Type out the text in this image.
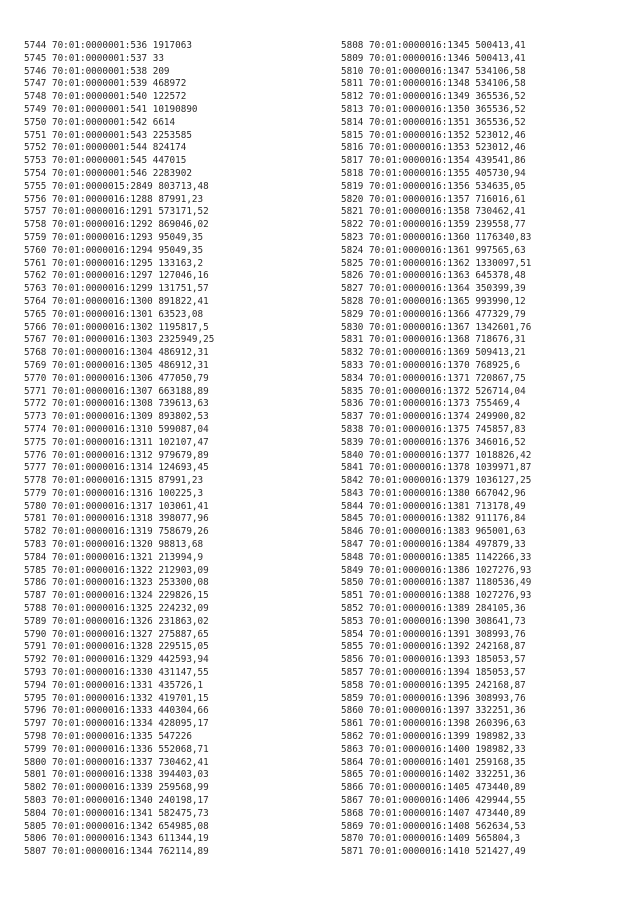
5744 70:01:0000001:536 1917063
5745 70:01:0000001:537 33
5746 70:01:0000001:538 209
5747 70:01:0000001:539 468972
5748 70:01:0000001:540 122572
5749 70:01:0000001:541 10190890
5750 70:01:0000001:542 6614
5751 70:01:0000001:543 2253585
5752 70:01:0000001:544 824174
5753 70:01:0000001:545 447015
5754 70:01:0000001:546 2283902
5755 70:01:0000015:2849 803713,48
5756 70:01:0000016:1288 87991,23
5757 70:01:0000016:1291 573171,52
5758 70:01:0000016:1292 869046,02
5759 70:01:0000016:1293 95049,35
5760 70:01:0000016:1294 95049,35
5761 70:01:0000016:1295 133163,2
5762 70:01:0000016:1297 127046,16
5763 70:01:0000016:1299 131751,57
5764 70:01:0000016:1300 891822,41
5765 70:01:0000016:1301 63523,08
5766 70:01:0000016:1302 1195817,5
5767 70:01:0000016:1303 2325949,25
5768 70:01:0000016:1304 486912,31
5769 70:01:0000016:1305 486912,31
5770 70:01:0000016:1306 477050,79
5771 70:01:0000016:1307 663188,89
5772 70:01:0000016:1308 739613,63
5773 70:01:0000016:1309 893802,53
5774 70:01:0000016:1310 599087,04
5775 70:01:0000016:1311 102107,47
5776 70:01:0000016:1312 979679,89
5777 70:01:0000016:1314 124693,45
5778 70:01:0000016:1315 87991,23
5779 70:01:0000016:1316 100225,3
5780 70:01:0000016:1317 103061,41
5781 70:01:0000016:1318 398077,96
5782 70:01:0000016:1319 758679,26
5783 70:01:0000016:1320 98813,68
5784 70:01:0000016:1321 213994,9
5785 70:01:0000016:1322 212903,09
5786 70:01:0000016:1323 253300,08
5787 70:01:0000016:1324 229826,15
5788 70:01:0000016:1325 224232,09
5789 70:01:0000016:1326 231863,02
5790 70:01:0000016:1327 275887,65
5791 70:01:0000016:1328 229515,05
5792 70:01:0000016:1329 442593,94
5793 70:01:0000016:1330 431147,55
5794 70:01:0000016:1331 435726,1
5795 70:01:0000016:1332 419701,15
5796 70:01:0000016:1333 440304,66
5797 70:01:0000016:1334 428095,17
5798 70:01:0000016:1335 547226
5799 70:01:0000016:1336 552068,71
5800 70:01:0000016:1337 730462,41
5801 70:01:0000016:1338 394403,03
5802 70:01:0000016:1339 259568,99
5803 70:01:0000016:1340 240198,17
5804 70:01:0000016:1341 582475,73
5805 70:01:0000016:1342 654985,08
5806 70:01:0000016:1343 611344,19
5807 70:01:0000016:1344 762114,89
5808 70:01:0000016:1345 500413,41
5809 70:01:0000016:1346 500413,41
5810 70:01:0000016:1347 534106,58
5811 70:01:0000016:1348 534106,58
5812 70:01:0000016:1349 365536,52
5813 70:01:0000016:1350 365536,52
5814 70:01:0000016:1351 365536,52
5815 70:01:0000016:1352 523012,46
5816 70:01:0000016:1353 523012,46
5817 70:01:0000016:1354 439541,86
5818 70:01:0000016:1355 405730,94
5819 70:01:0000016:1356 534635,05
5820 70:01:0000016:1357 716016,61
5821 70:01:0000016:1358 730462,41
5822 70:01:0000016:1359 239558,77
5823 70:01:0000016:1360 1176340,83
5824 70:01:0000016:1361 997565,63
5825 70:01:0000016:1362 1330097,51
5826 70:01:0000016:1363 645378,48
5827 70:01:0000016:1364 350399,39
5828 70:01:0000016:1365 993990,12
5829 70:01:0000016:1366 477329,79
5830 70:01:0000016:1367 1342601,76
5831 70:01:0000016:1368 718676,31
5832 70:01:0000016:1369 509413,21
5833 70:01:0000016:1370 768925,6
5834 70:01:0000016:1371 720867,75
5835 70:01:0000016:1372 526714,04
5836 70:01:0000016:1373 755469,4
5837 70:01:0000016:1374 249900,82
5838 70:01:0000016:1375 745857,83
5839 70:01:0000016:1376 346016,52
5840 70:01:0000016:1377 1018826,42
5841 70:01:0000016:1378 1039971,87
5842 70:01:0000016:1379 1036127,25
5843 70:01:0000016:1380 667042,96
5844 70:01:0000016:1381 713178,49
5845 70:01:0000016:1382 911176,84
5846 70:01:0000016:1383 965001,63
5847 70:01:0000016:1384 497879,33
5848 70:01:0000016:1385 1142266,33
5849 70:01:0000016:1386 1027276,93
5850 70:01:0000016:1387 1180536,49
5851 70:01:0000016:1388 1027276,93
5852 70:01:0000016:1389 284105,36
5853 70:01:0000016:1390 308641,73
5854 70:01:0000016:1391 308993,76
5855 70:01:0000016:1392 242168,87
5856 70:01:0000016:1393 185053,57
5857 70:01:0000016:1394 185053,57
5858 70:01:0000016:1395 242168,87
5859 70:01:0000016:1396 308993,76
5860 70:01:0000016:1397 332251,36
5861 70:01:0000016:1398 260396,63
5862 70:01:0000016:1399 198982,33
5863 70:01:0000016:1400 198982,33
5864 70:01:0000016:1401 259168,35
5865 70:01:0000016:1402 332251,36
5866 70:01:0000016:1405 473440,89
5867 70:01:0000016:1406 429944,55
5868 70:01:0000016:1407 473440,89
5869 70:01:0000016:1408 562634,53
5870 70:01:0000016:1409 565804,3
5871 70:01:0000016:1410 521427,49
